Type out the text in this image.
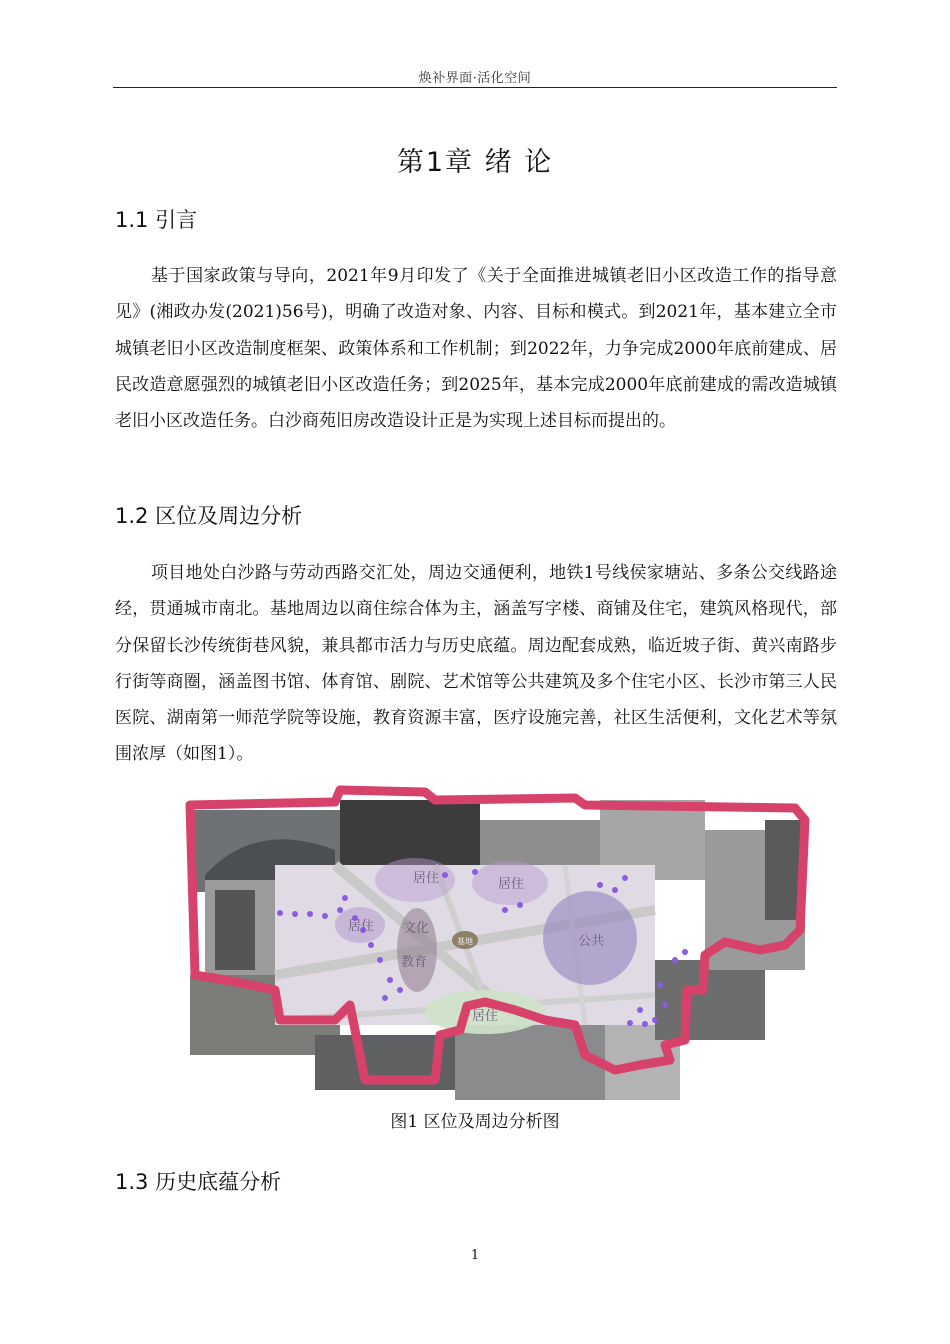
焕补界面·活化空间
第1章 绪 论
1.1 引言

基于国家政策与导向，2021年9月印发了《关于全面推进城镇老旧小区改造工作的指导意见》(湘政办发(2021)56号)，明确了改造对象、内容、目标和模式。到2021年，基本建立全市城镇老旧小区改造制度框架、政策体系和工作机制；到2022年，力争完成2000年底前建成、居民改造意愿强烈的城镇老旧小区改造任务；到2025年，基本完成2000年底前建成的需改造城镇老旧小区改造任务。白沙商苑旧房改造设计正是为实现上述目标而提出的。

1.2 区位及周边分析

项目地处白沙路与劳动西路交汇处，周边交通便利，地铁1号线侯家塘站、多条公交线路途经，贯通城市南北。基地周边以商住综合体为主，涵盖写字楼、商铺及住宅，建筑风格现代，部分保留长沙传统街巷风貌，兼具都市活力与历史底蕴。周边配套成熟，临近坡子街、黄兴南路步行街等商圈，涵盖图书馆、体育馆、剧院、艺术馆等公共建筑及多个住宅小区、长沙市第三人民医院、湖南第一师范学院等设施，教育资源丰富，医疗设施完善，社区生活便利，文化艺术等氛围浓厚（如图1）。

居住	居住
居住 文化
教育
公共
居住
基地
图1 区位及周边分析图
1.3 历史底蕴分析
1
